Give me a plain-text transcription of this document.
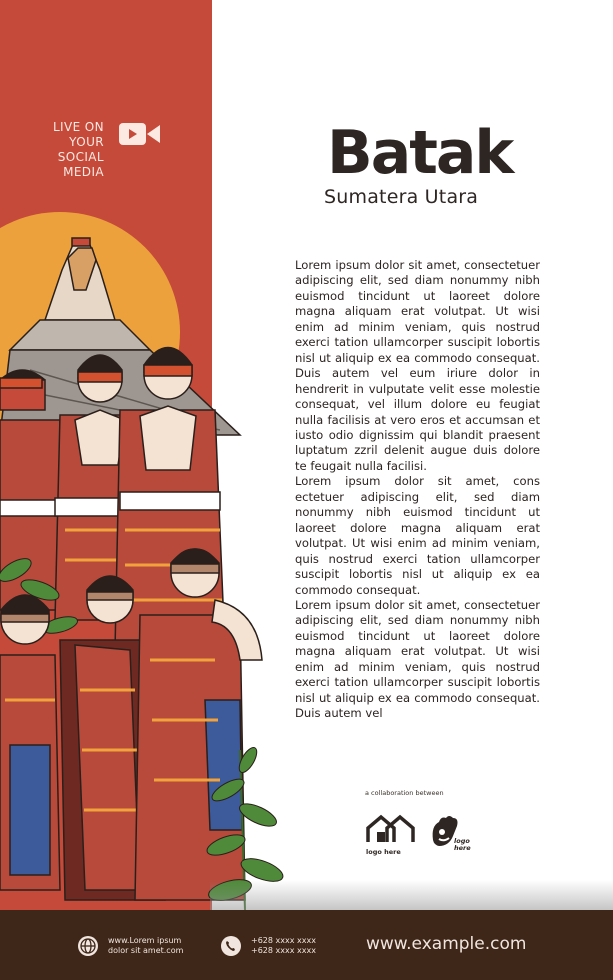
LIVE ON
YOUR
SOCIAL
MEDIA	Batak
Sumatera Utara

Lorem ipsum dolor sit amet, consectetuer adipiscing elit, sed diam nonummy nibh euismod tincidunt ut laoreet dolore magna aliquam erat volutpat. Ut wisi enim ad minim veniam, quis nostrud exerci tation ullamcorper suscipit lobortis nisl ut aliquip ex ea commodo consequat. Duis autem vel eum iriure dolor in hendrerit in vulputate velit esse molestie consequat, vel illum dolore eu feugiat nulla facilisis at vero eros et accumsan et iusto odio dignissim qui blandit praesent luptatum zzril delenit augue duis dolore te feugait nulla facilisi.

Lorem ipsum dolor sit amet, cons ectetuer adipiscing elit, sed diam nonummy nibh euismod tincidunt ut laoreet dolore magna aliquam erat volutpat. Ut wisi enim ad minim veniam, quis nostrud exerci tation ullamcorper suscipit lobortis nisl ut aliquip ex ea commodo consequat.

Lorem ipsum dolor sit amet, consectetuer adipiscing elit, sed diam nonummy nibh euismod tincidunt ut laoreet dolore magna aliquam erat volutpat. Ut wisi enim ad minim veniam, quis nostrud exerci tation ullamcorper suscipit lobortis nisl ut aliquip ex ea commodo consequat. Duis autem vel

a collaboration between
logo here
logo
here
www.Lorem ipsum
dolor sit amet.com
+628 xxxx xxxx
+628 xxxx xxxx	www.example.com
